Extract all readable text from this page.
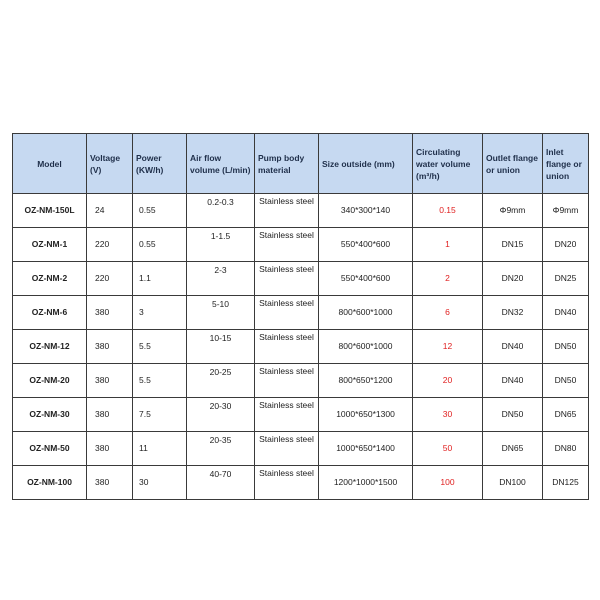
Model	Voltage (V)	Power (KW/h)	Air flow volume (L/min)	Pump body material	Size outside (mm)	Circulating water volume (m³/h)	Outlet flange or union	Inlet flange or union
OZ-NM-150L	24	0.55	0.2-0.3	Stainless steel	340*300*140	0.15	Φ9mm	Φ9mm
OZ-NM-1	220	0.55	1-1.5	Stainless steel	550*400*600	1	DN15	DN20
OZ-NM-2	220	1.1	2-3	Stainless steel	550*400*600	2	DN20	DN25
OZ-NM-6	380	3	5-10	Stainless steel	800*600*1000	6	DN32	DN40
OZ-NM-12	380	5.5	10-15	Stainless steel	800*600*1000	12	DN40	DN50
OZ-NM-20	380	5.5	20-25	Stainless steel	800*650*1200	20	DN40	DN50
OZ-NM-30	380	7.5	20-30	Stainless steel	1000*650*1300	30	DN50	DN65
OZ-NM-50	380	11	20-35	Stainless steel	1000*650*1400	50	DN65	DN80
OZ-NM-100	380	30	40-70	Stainless steel	1200*1000*1500	100	DN100	DN125
